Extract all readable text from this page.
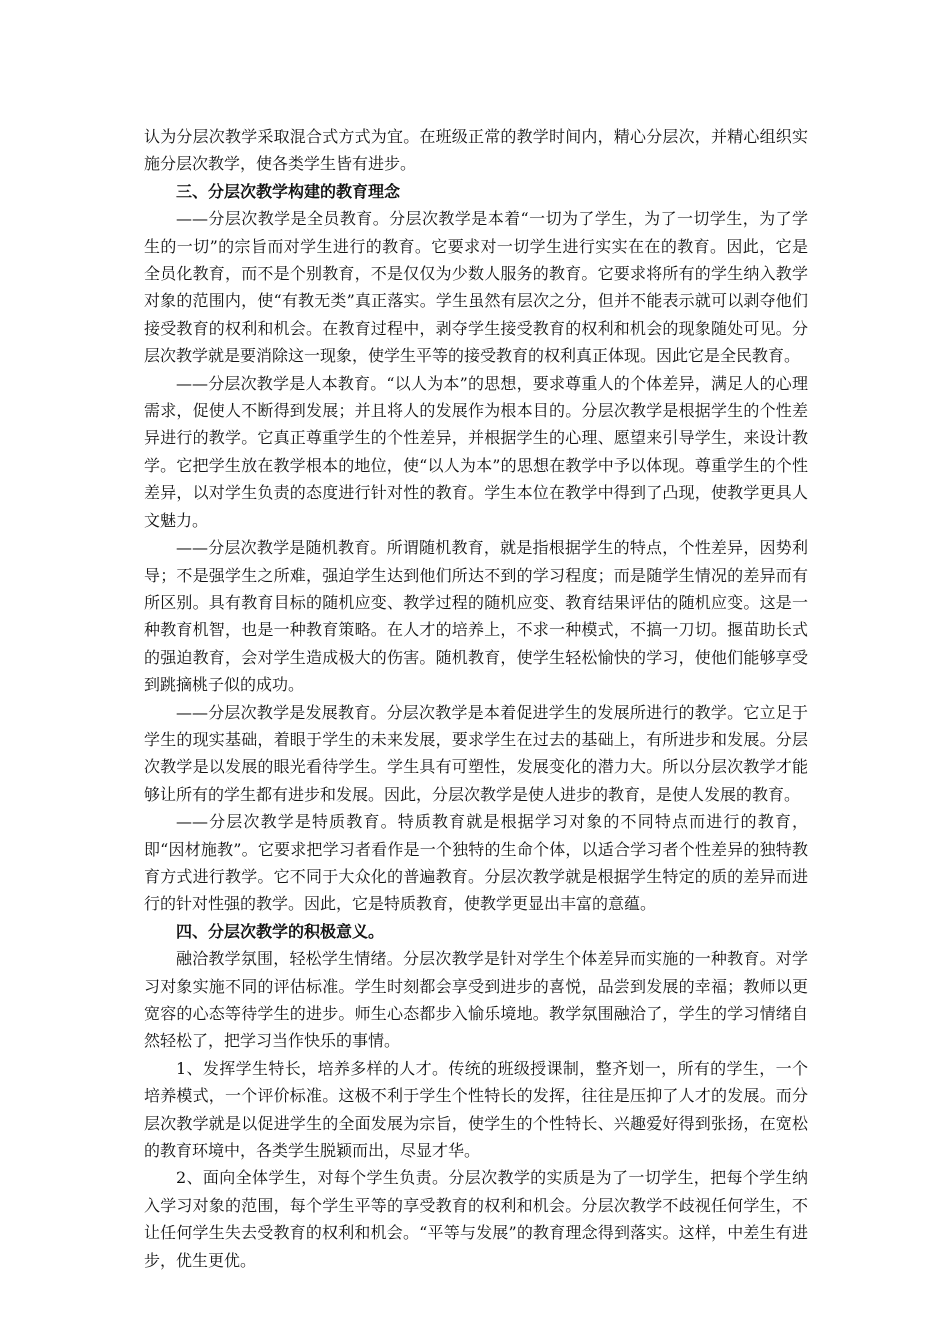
认为分层次教学采取混合式方式为宜。在班级正常的教学时间内，精心分层次，并精心组织实施分层次教学，使各类学生皆有进步。

三、分层次教学构建的教育理念

——分层次教学是全员教育。分层次教学是本着“一切为了学生，为了一切学生，为了学生的一切”的宗旨而对学生进行的教育。它要求对一切学生进行实实在在的教育。因此，它是全员化教育，而不是个别教育，不是仅仅为少数人服务的教育。它要求将所有的学生纳入教学对象的范围内，使“有教无类”真正落实。学生虽然有层次之分，但并不能表示就可以剥夺他们接受教育的权利和机会。在教育过程中，剥夺学生接受教育的权利和机会的现象随处可见。分层次教学就是要消除这一现象，使学生平等的接受教育的权利真正体现。因此它是全民教育。

——分层次教学是人本教育。“以人为本”的思想，要求尊重人的个体差异，满足人的心理需求，促使人不断得到发展；并且将人的发展作为根本目的。分层次教学是根据学生的个性差异进行的教学。它真正尊重学生的个性差异，并根据学生的心理、愿望来引导学生，来设计教学。它把学生放在教学根本的地位，使“以人为本”的思想在教学中予以体现。尊重学生的个性差异，以对学生负责的态度进行针对性的教育。学生本位在教学中得到了凸现，使教学更具人文魅力。

——分层次教学是随机教育。所谓随机教育，就是指根据学生的特点，个性差异，因势利导；不是强学生之所难，强迫学生达到他们所达不到的学习程度；而是随学生情况的差异而有所区别。具有教育目标的随机应变、教学过程的随机应变、教育结果评估的随机应变。这是一种教育机智，也是一种教育策略。在人才的培养上，不求一种模式，不搞一刀切。揠苗助长式的强迫教育，会对学生造成极大的伤害。随机教育，使学生轻松愉快的学习，使他们能够享受到跳摘桃子似的成功。

——分层次教学是发展教育。分层次教学是本着促进学生的发展所进行的教学。它立足于学生的现实基础，着眼于学生的未来发展，要求学生在过去的基础上，有所进步和发展。分层次教学是以发展的眼光看待学生。学生具有可塑性，发展变化的潜力大。所以分层次教学才能够让所有的学生都有进步和发展。因此，分层次教学是使人进步的教育，是使人发展的教育。

——分层次教学是特质教育。特质教育就是根据学习对象的不同特点而进行的教育，即“因材施教”。它要求把学习者看作是一个独特的生命个体，以适合学习者个性差异的独特教育方式进行教学。它不同于大众化的普遍教育。分层次教学就是根据学生特定的质的差异而进行的针对性强的教学。因此，它是特质教育，使教学更显出丰富的意蕴。

四、分层次教学的积极意义。

融洽教学氛围，轻松学生情绪。分层次教学是针对学生个体差异而实施的一种教育。对学习对象实施不同的评估标准。学生时刻都会享受到进步的喜悦，品尝到发展的幸福；教师以更宽容的心态等待学生的进步。师生心态都步入愉乐境地。教学氛围融洽了，学生的学习情绪自然轻松了，把学习当作快乐的事情。

1、发挥学生特长，培养多样的人才。传统的班级授课制，整齐划一，所有的学生，一个培养模式，一个评价标准。这极不利于学生个性特长的发挥，往往是压抑了人才的发展。而分层次教学就是以促进学生的全面发展为宗旨，使学生的个性特长、兴趣爱好得到张扬，在宽松的教育环境中，各类学生脱颖而出，尽显才华。

2、面向全体学生，对每个学生负责。分层次教学的实质是为了一切学生，把每个学生纳入学习对象的范围，每个学生平等的享受教育的权利和机会。分层次教学不歧视任何学生，不让任何学生失去受教育的权利和机会。“平等与发展”的教育理念得到落实。这样，中差生有进步，优生更优。
